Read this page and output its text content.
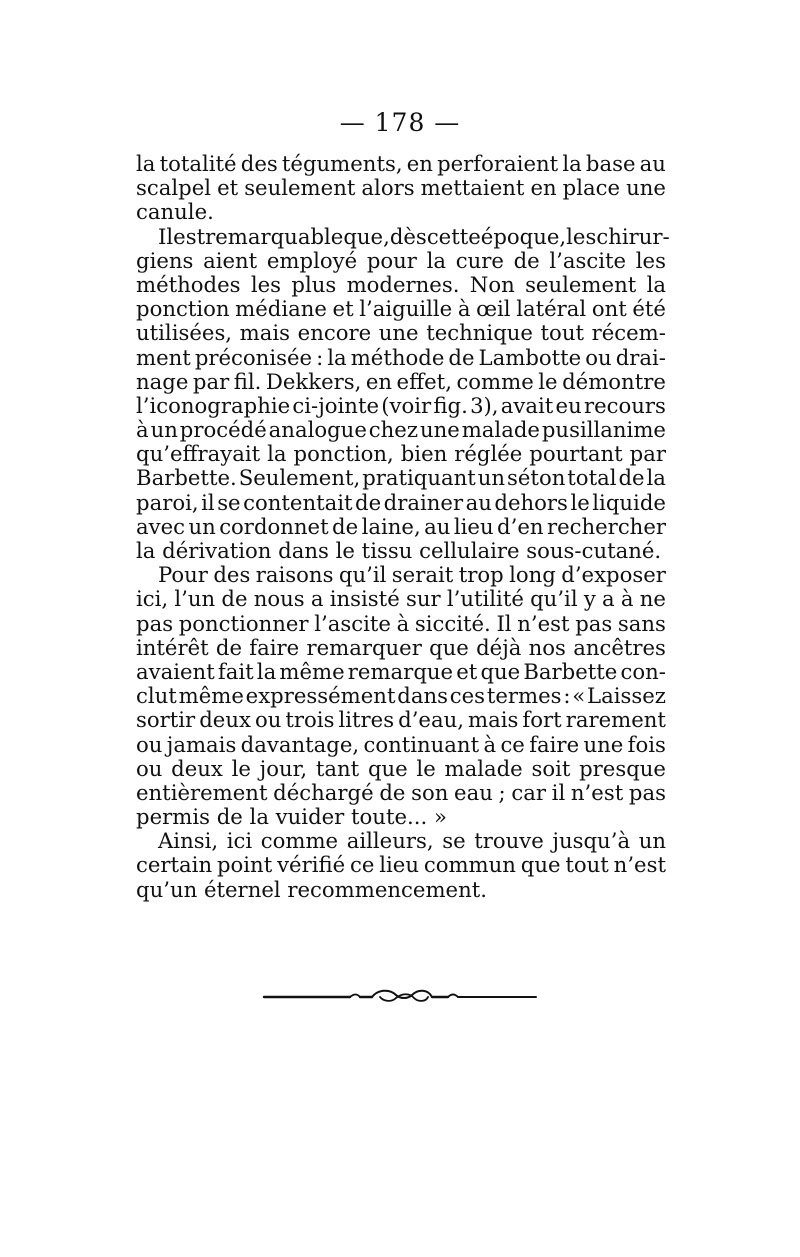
— 178 —
la totalité des téguments, en perforaient la base au
scalpel et seulement alors mettaient en place une
canule.
Il est remarquable que,dès cette époque,les chirur-
giens aient employé pour la cure de l’ascite les
méthodes les plus modernes. Non seulement la
ponction médiane et l’aiguille à œil latéral ont été
utilisées, mais encore une technique tout récem-
ment préconisée : la méthode de Lambotte ou drai-
nage par fil. Dekkers, en effet, comme le démontre
l’iconographie ci-jointe (voir fig. 3), avait eu recours
à un procédé analogue chez une malade pusillanime
qu’effrayait la ponction, bien réglée pourtant par
Barbette. Seulement, pratiquant un séton total de la
paroi, il se contentait de drainer au dehors le liquide
avec un cordonnet de laine, au lieu d’en rechercher
la dérivation dans le tissu cellulaire sous-cutané.
Pour des raisons qu’il serait trop long d’exposer
ici, l’un de nous a insisté sur l’utilité qu’il y a à ne
pas ponctionner l’ascite à siccité. Il n’est pas sans
intérêt de faire remarquer que déjà nos ancêtres
avaient fait la même remarque et que Barbette con-
clut même expressément dans ces termes : « Laissez
sortir deux ou trois litres d’eau, mais fort rarement
ou jamais davantage, continuant à ce faire une fois
ou deux le jour, tant que le malade soit presque
entièrement déchargé de son eau ; car il n’est pas
permis de la vuider toute... »
Ainsi, ici comme ailleurs, se trouve jusqu’à un
certain point vérifié ce lieu commun que tout n’est
qu’un éternel recommencement.
